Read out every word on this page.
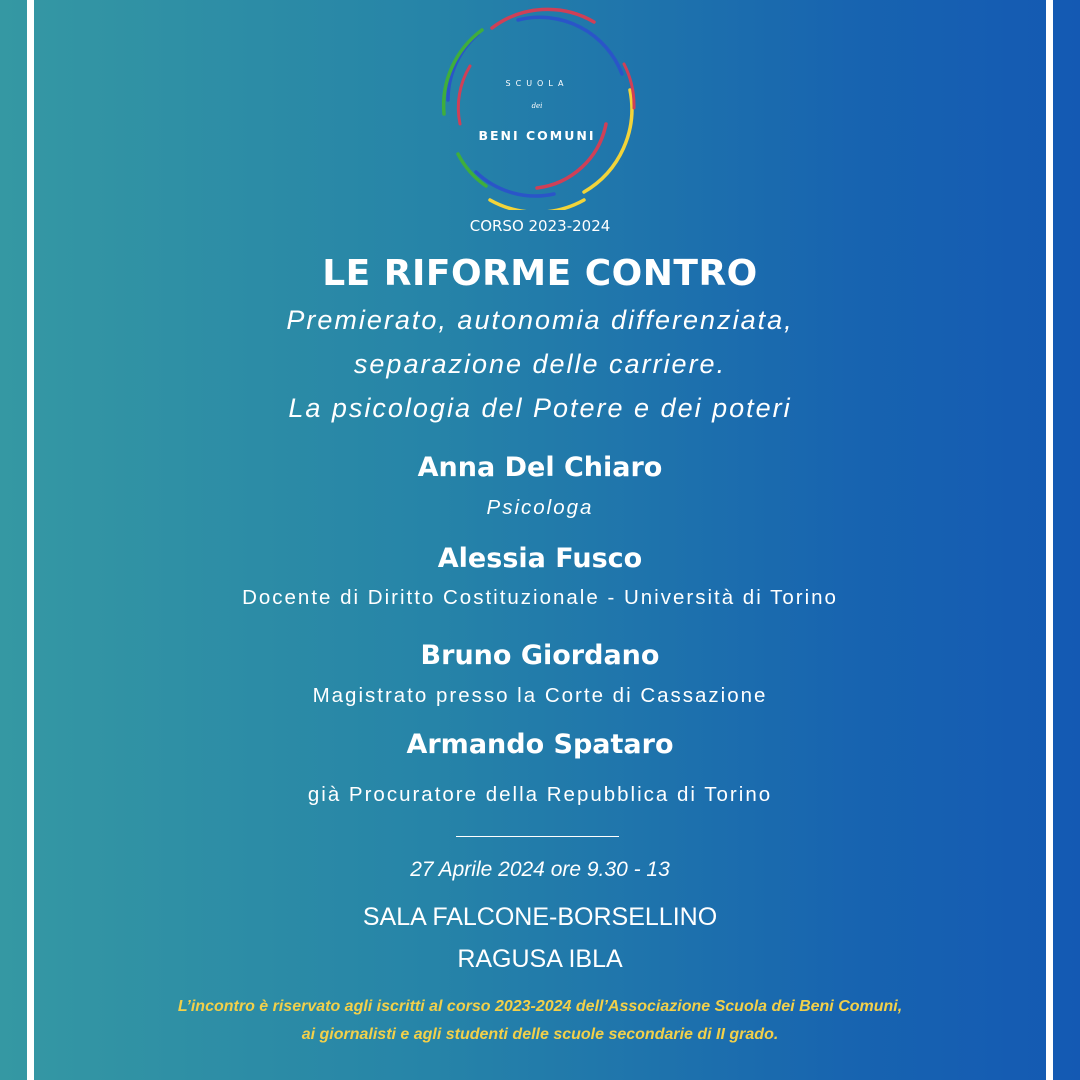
SCUOLA
dei
BENI COMUNI
CORSO 2023-2024
LE RIFORME CONTRO
Premierato, autonomia differenziata,
separazione delle carriere.
La psicologia del Potere e dei poteri
Anna Del Chiaro
Psicologa
Alessia Fusco
Docente di Diritto Costituzionale - Università di Torino
Bruno Giordano
Magistrato presso la Corte di Cassazione
Armando Spataro
già Procuratore della Repubblica di Torino
27 Aprile 2024 ore 9.30 - 13
SALA FALCONE-BORSELLINO
RAGUSA IBLA
L’incontro è riservato agli iscritti al corso 2023-2024 dell’Associazione Scuola dei Beni Comuni,
ai giornalisti e agli studenti delle scuole secondarie di II grado.
